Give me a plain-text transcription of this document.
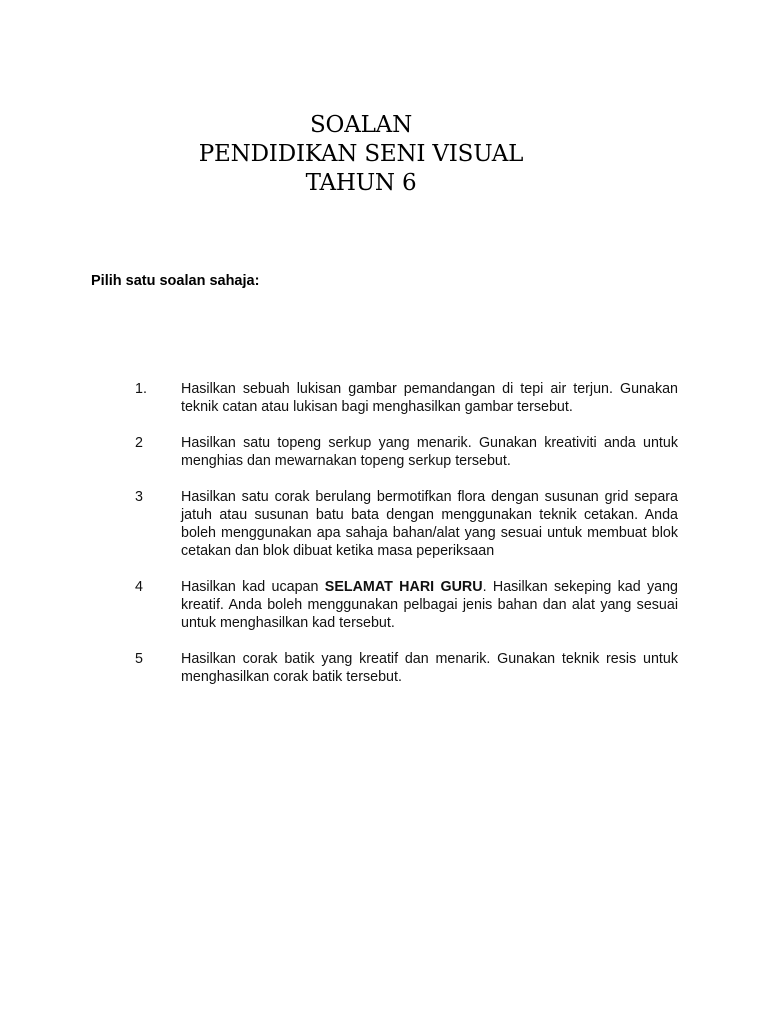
SOALAN
PENDIDIKAN SENI VISUAL
TAHUN 6
Pilih satu soalan sahaja:
1.	Hasilkan sebuah lukisan gambar pemandangan di tepi air terjun. Gunakan teknik catan atau lukisan bagi menghasilkan gambar tersebut.
2	Hasilkan satu topeng serkup yang menarik. Gunakan kreativiti anda untuk menghias dan mewarnakan topeng serkup tersebut.
3	Hasilkan satu corak berulang bermotifkan flora dengan susunan grid separa jatuh atau susunan batu bata dengan menggunakan teknik cetakan. Anda boleh menggunakan apa sahaja bahan/alat yang sesuai untuk membuat blok cetakan dan blok dibuat ketika masa peperiksaan
4	Hasilkan kad ucapan SELAMAT HARI GURU. Hasilkan sekeping kad yang kreatif. Anda boleh menggunakan pelbagai jenis bahan dan alat yang sesuai untuk menghasilkan kad tersebut.
5	Hasilkan corak batik yang kreatif dan menarik. Gunakan teknik resis untuk menghasilkan corak batik tersebut.
